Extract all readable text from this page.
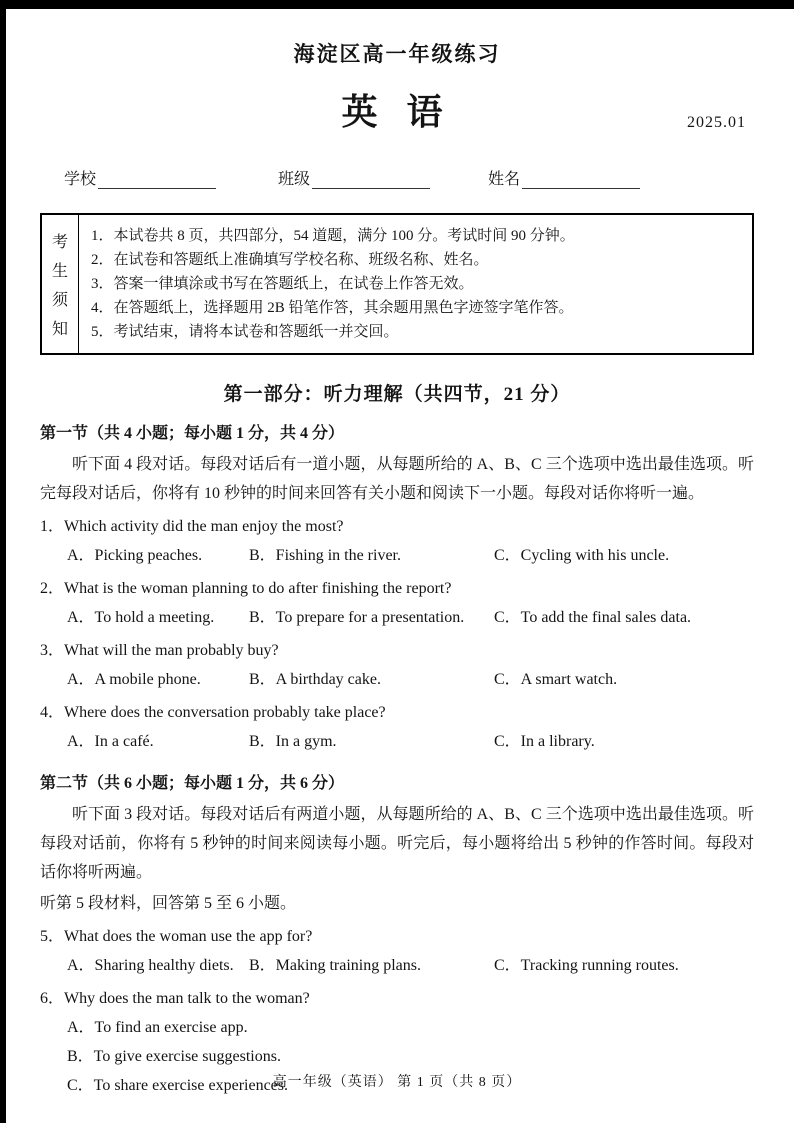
海淀区高一年级练习
英 语	2025.01
学校	班级	姓名
考
生
须
知
1．本试卷共 8 页，共四部分，54 道题，满分 100 分。考试时间 90 分钟。
2．在试卷和答题纸上准确填写学校名称、班级名称、姓名。
3．答案一律填涂或书写在答题纸上，在试卷上作答无效。
4．在答题纸上，选择题用 2B 铅笔作答，其余题用黑色字迹签字笔作答。
5．考试结束，请将本试卷和答题纸一并交回。
第一部分：听力理解（共四节，21 分）
第一节（共 4 小题；每小题 1 分，共 4 分）
听下面 4 段对话。每段对话后有一道小题，从每题所给的 A、B、C 三个选项中选出最佳选项。听完每段对话后，你将有 10 秒钟的时间来回答有关小题和阅读下一小题。每段对话你将听一遍。
1．Which activity did the man enjoy the most?
A．Picking peaches.	B．Fishing in the river.	C．Cycling with his uncle.
2．What is the woman planning to do after finishing the report?
A．To hold a meeting.	B．To prepare for a presentation.	C．To add the final sales data.
3．What will the man probably buy?
A．A mobile phone.	B．A birthday cake.	C．A smart watch.
4．Where does the conversation probably take place?
A．In a café.	B．In a gym.	C．In a library.
第二节（共 6 小题；每小题 1 分，共 6 分）
听下面 3 段对话。每段对话后有两道小题，从每题所给的 A、B、C 三个选项中选出最佳选项。听每段对话前，你将有 5 秒钟的时间来阅读每小题。听完后，每小题将给出 5 秒钟的作答时间。每段对话你将听两遍。
听第 5 段材料，回答第 5 至 6 小题。
5．What does the woman use the app for?
A．Sharing healthy diets. B．Making training plans.	C．Tracking running routes.
6．Why does the man talk to the woman?
A．To find an exercise app.
B．To give exercise suggestions.
C．To share exercise experiences.
高一年级（英语） 第 1 页（共 8 页）
